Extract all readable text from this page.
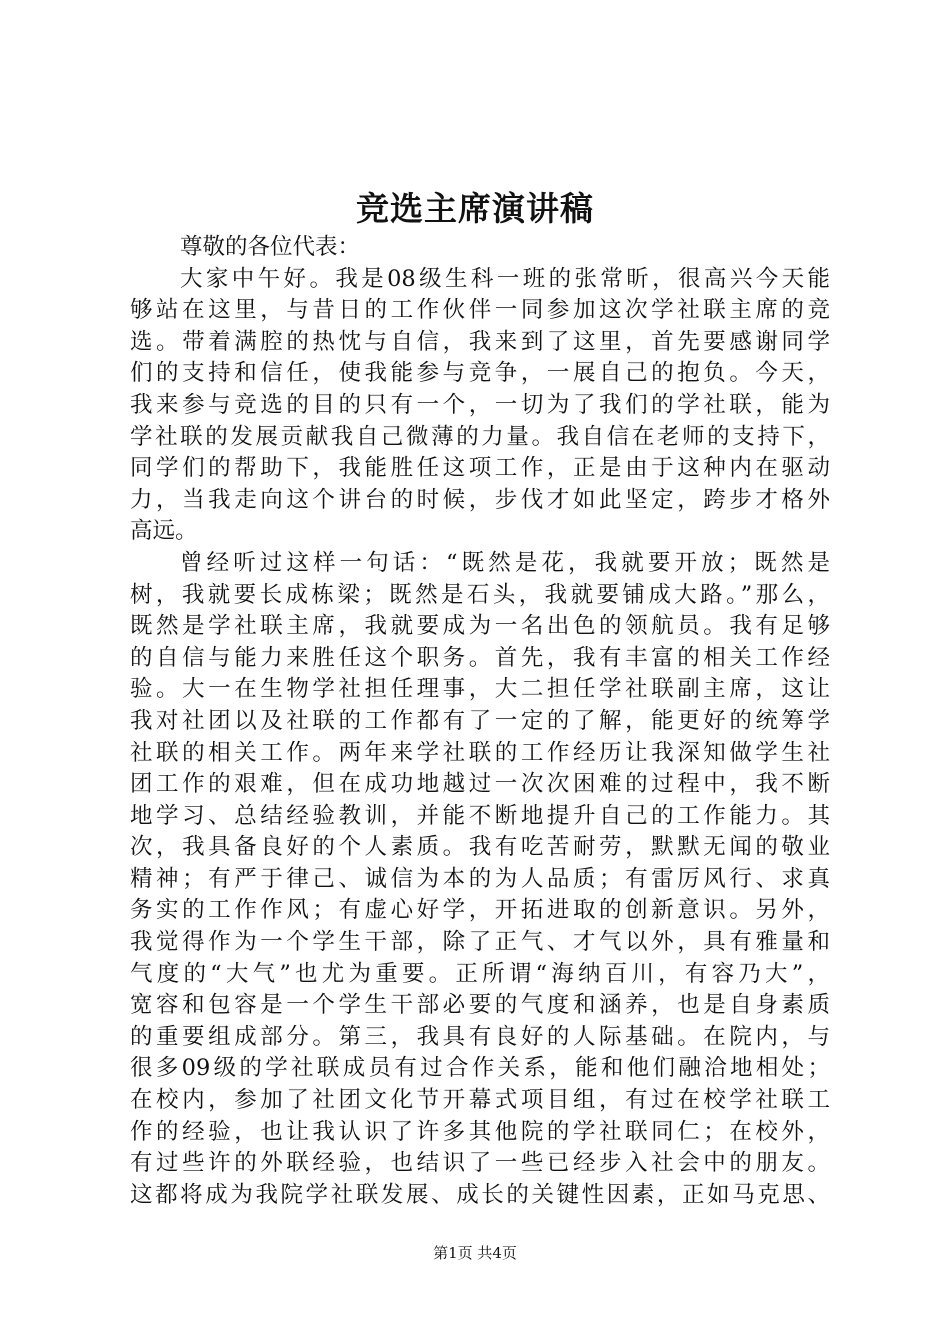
竞选主席演讲稿
尊敬的各位代表：
大家中午好。我是08级生科一班的张常昕，很高兴今天能
够站在这里，与昔日的工作伙伴一同参加这次学社联主席的竞
选。带着满腔的热忱与自信，我来到了这里，首先要感谢同学
们的支持和信任，使我能参与竞争，一展自己的抱负。今天，
我来参与竞选的目的只有一个，一切为了我们的学社联，能为
学社联的发展贡献我自己微薄的力量。我自信在老师的支持下，
同学们的帮助下，我能胜任这项工作，正是由于这种内在驱动
力，当我走向这个讲台的时候，步伐才如此坚定，跨步才格外
高远。
曾经听过这样一句话：“既然是花，我就要开放；既然是
树，我就要长成栋梁；既然是石头，我就要铺成大路。”那么，
既然是学社联主席，我就要成为一名出色的领航员。我有足够
的自信与能力来胜任这个职务。首先，我有丰富的相关工作经
验。大一在生物学社担任理事，大二担任学社联副主席，这让
我对社团以及社联的工作都有了一定的了解，能更好的统筹学
社联的相关工作。两年来学社联的工作经历让我深知做学生社
团工作的艰难，但在成功地越过一次次困难的过程中，我不断
地学习、总结经验教训，并能不断地提升自己的工作能力。其
次，我具备良好的个人素质。我有吃苦耐劳，默默无闻的敬业
精神；有严于律己、诚信为本的为人品质；有雷厉风行、求真
务实的工作作风；有虚心好学，开拓进取的创新意识。另外，
我觉得作为一个学生干部，除了正气、才气以外，具有雅量和
气度的“大气”也尤为重要。正所谓“海纳百川，有容乃大”，
宽容和包容是一个学生干部必要的气度和涵养，也是自身素质
的重要组成部分。第三，我具有良好的人际基础。在院内，与
很多09级的学社联成员有过合作关系，能和他们融洽地相处；
在校内，参加了社团文化节开幕式项目组，有过在校学社联工
作的经验，也让我认识了许多其他院的学社联同仁；在校外，
有过些许的外联经验，也结识了一些已经步入社会中的朋友。
这都将成为我院学社联发展、成长的关键性因素，正如马克思、
第1页 共4页
